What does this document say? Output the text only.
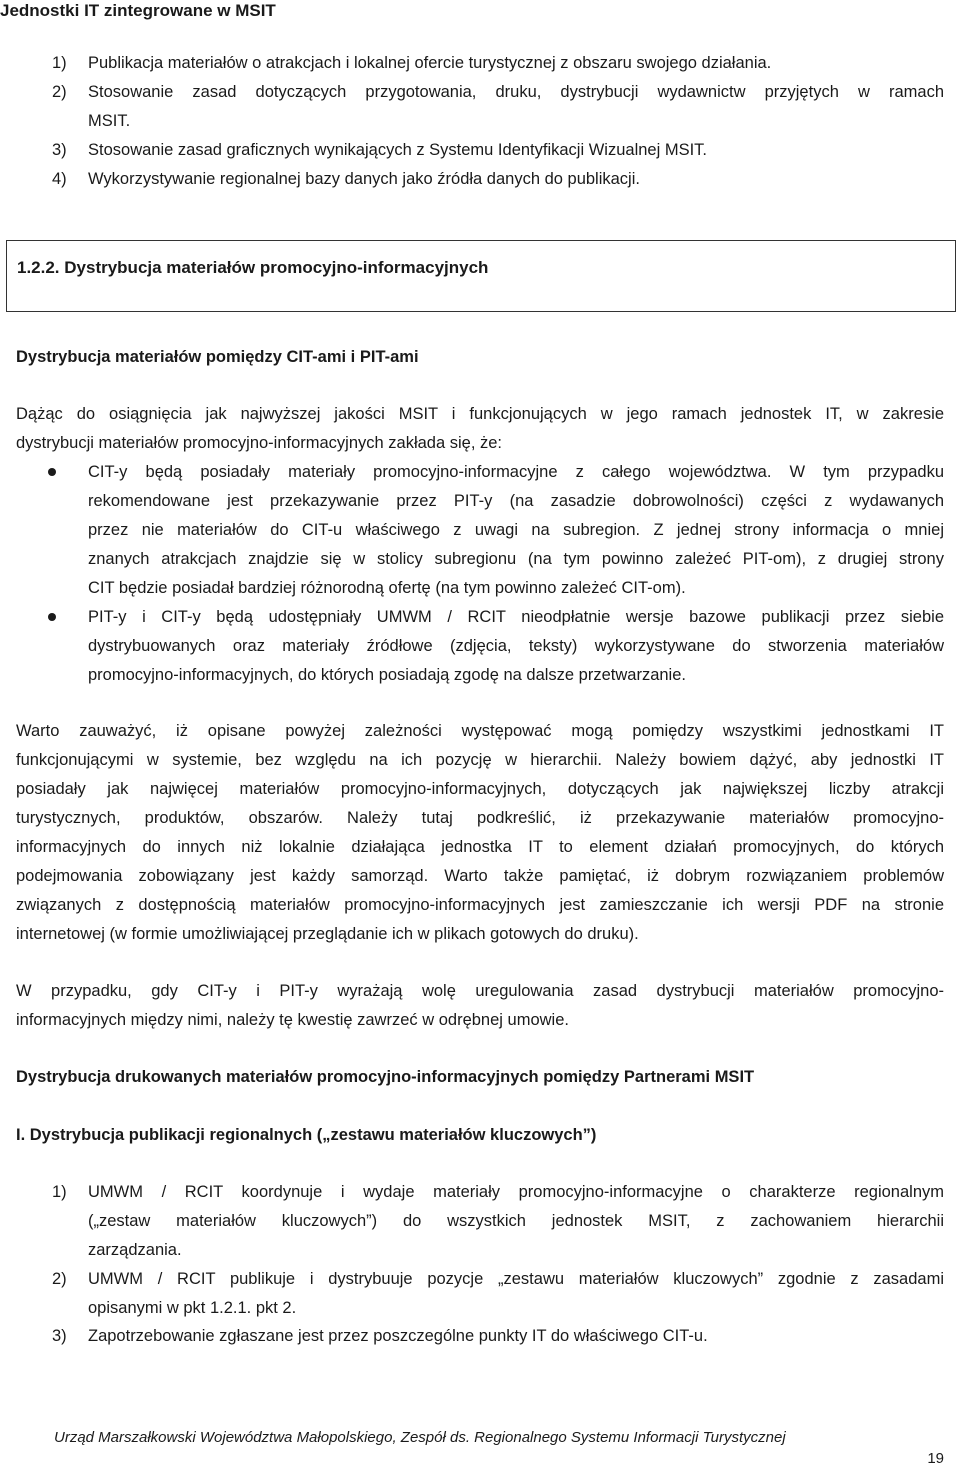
Jednostki IT zintegrowane w MSIT
1) Publikacja materiałów o atrakcjach i lokalnej ofercie turystycznej z obszaru swojego działania.
2) Stosowanie zasad dotyczących przygotowania, druku, dystrybucji wydawnictw przyjętych w ramach
MSIT.
3) Stosowanie zasad graficznych wynikających z Systemu Identyfikacji Wizualnej MSIT.
4) Wykorzystywanie regionalnej bazy danych jako źródła danych do publikacji.
1.2.2. Dystrybucja materiałów promocyjno-informacyjnych
Dystrybucja materiałów pomiędzy CIT-ami i PIT-ami
Dążąc do osiągnięcia jak najwyższej jakości MSIT i funkcjonujących w jego ramach jednostek IT, w zakresie
dystrybucji materiałów promocyjno-informacyjnych zakłada się, że:
CIT-y będą posiadały materiały promocyjno-informacyjne z całego województwa. W tym przypadku
rekomendowane jest przekazywanie przez PIT-y (na zasadzie dobrowolności) części z wydawanych
przez nie materiałów do CIT-u właściwego z uwagi na subregion. Z jednej strony informacja o mniej
znanych atrakcjach znajdzie się w stolicy subregionu (na tym powinno zależeć PIT-om), z drugiej strony
CIT będzie posiadał bardziej różnorodną ofertę (na tym powinno zależeć CIT-om).
PIT-y i CIT-y będą udostępniały UMWM / RCIT nieodpłatnie wersje bazowe publikacji przez siebie
dystrybuowanych oraz materiały źródłowe (zdjęcia, teksty) wykorzystywane do stworzenia materiałów
promocyjno-informacyjnych, do których posiadają zgodę na dalsze przetwarzanie.
Warto zauważyć, iż opisane powyżej zależności występować mogą pomiędzy wszystkimi jednostkami IT
funkcjonującymi w systemie, bez względu na ich pozycję w hierarchii. Należy bowiem dążyć, aby jednostki IT
posiadały jak najwięcej materiałów promocyjno-informacyjnych, dotyczących jak największej liczby atrakcji
turystycznych, produktów, obszarów. Należy tutaj podkreślić, iż przekazywanie materiałów promocyjno-
informacyjnych do innych niż lokalnie działająca jednostka IT to element działań promocyjnych, do których
podejmowania zobowiązany jest każdy samorząd. Warto także pamiętać, iż dobrym rozwiązaniem problemów
związanych z dostępnością materiałów promocyjno-informacyjnych jest zamieszczanie ich wersji PDF na stronie
internetowej (w formie umożliwiającej przeglądanie ich w plikach gotowych do druku).
W przypadku, gdy CIT-y i PIT-y wyrażają wolę uregulowania zasad dystrybucji materiałów promocyjno-
informacyjnych między nimi, należy tę kwestię zawrzeć w odrębnej umowie.
Dystrybucja drukowanych materiałów promocyjno-informacyjnych pomiędzy Partnerami MSIT
I. Dystrybucja publikacji regionalnych („zestawu materiałów kluczowych”)
1) UMWM / RCIT koordynuje i wydaje materiały promocyjno-informacyjne o charakterze regionalnym
(„zestaw materiałów kluczowych”) do wszystkich jednostek MSIT, z zachowaniem hierarchii
zarządzania.
2) UMWM / RCIT publikuje i dystrybuuje pozycje „zestawu materiałów kluczowych” zgodnie z zasadami
opisanymi w pkt 1.2.1. pkt 2.
3) Zapotrzebowanie zgłaszane jest przez poszczególne punkty IT do właściwego CIT-u.
Urząd Marszałkowski Województwa Małopolskiego, Zespół ds. Regionalnego Systemu Informacji Turystycznej
19
